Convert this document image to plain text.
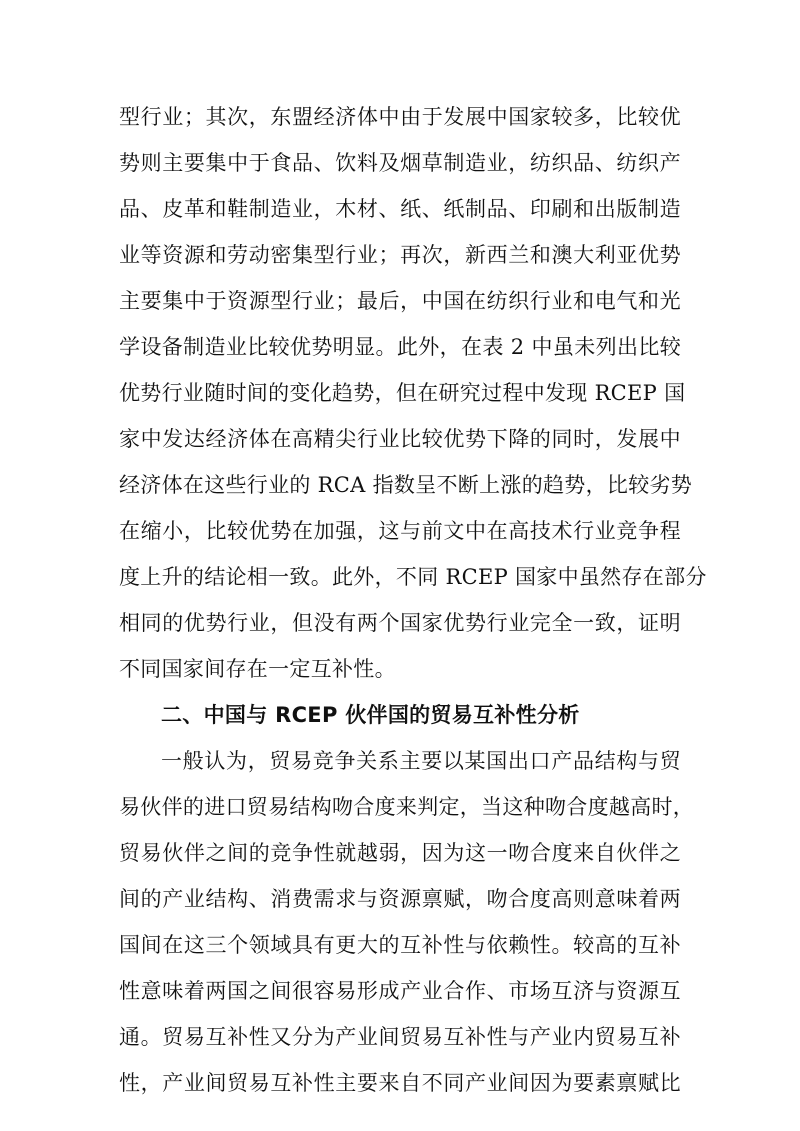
型行业；其次，东盟经济体中由于发展中国家较多，比较优
势则主要集中于食品、饮料及烟草制造业，纺织品、纺织产
品、皮革和鞋制造业，木材、纸、纸制品、印刷和出版制造
业等资源和劳动密集型行业；再次，新西兰和澳大利亚优势
主要集中于资源型行业；最后，中国在纺织行业和电气和光
学设备制造业比较优势明显。此外，在表 2 中虽未列出比较
优势行业随时间的变化趋势，但在研究过程中发现 RCEP 国
家中发达经济体在高精尖行业比较优势下降的同时，发展中
经济体在这些行业的 RCA 指数呈不断上涨的趋势，比较劣势
在缩小，比较优势在加强，这与前文中在高技术行业竞争程
度上升的结论相一致。此外，不同 RCEP 国家中虽然存在部分
相同的优势行业，但没有两个国家优势行业完全一致，证明
不同国家间存在一定互补性。
二、中国与 RCEP 伙伴国的贸易互补性分析
一般认为，贸易竞争关系主要以某国出口产品结构与贸
易伙伴的进口贸易结构吻合度来判定，当这种吻合度越高时，
贸易伙伴之间的竞争性就越弱，因为这一吻合度来自伙伴之
间的产业结构、消费需求与资源禀赋，吻合度高则意味着两
国间在这三个领域具有更大的互补性与依赖性。较高的互补
性意味着两国之间很容易形成产业合作、市场互济与资源互
通。贸易互补性又分为产业间贸易互补性与产业内贸易互补
性，产业间贸易互补性主要来自不同产业间因为要素禀赋比
